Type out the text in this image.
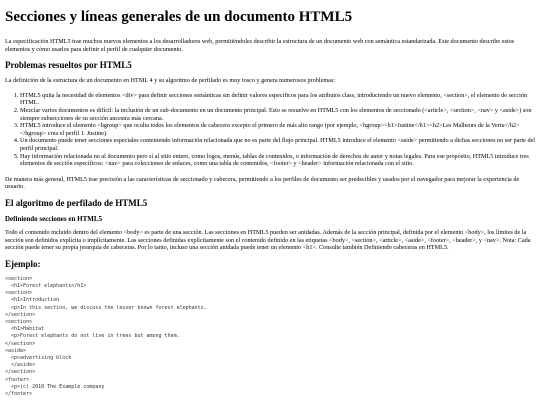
Secciones y líneas generales de un documento HTML5

La especificación HTML5 trae muchos nuevos elementos a los desarrolladores web, permitiéndoles describir la estructura de un documento web con semántica estandarizada. Este documento describe estos elementos y cómo usarlos para definir el perfil de cualquier documento.

Problemas resueltos por HTML5

La definición de la estructura de un documento en HTML 4 y su algoritmo de perfilado es muy tosco y genera numerosos problemas:

1. HTML5 quita la necesidad de elementos <div> para definir secciones semánticas sin definir valores específicos para los atributos class, introduciendo un nuevo elemento, <section>, el elemento de sección HTML.
2. Mezclar varios documentos es difícil: la inclusión de un sub-documento en un documento principal. Esto se resuelve en HTML5 con los elementos de seccionado (<article>, <section>, <nav> y <aside>) son siempre subsecciones de su sección ancestra más cercana.
3. HTML5 introduce el elemento <hgroup> que oculta todos los elementos de cabecera excepto el primero de más alto rango (por ejemplo, <hgroup><h1>Justine</h1><h2>Les Malheurs de la Vertu</h2></hgroup> crea el perfil 1. Justine).
4. Un documento puede tener secciones especiales conteniendo información relacionada que no es parte del flujo principal. HTML5 introduce el elemento <aside> permitiendo a dichas secciones no ser parte del perfil principal.
5. Hay información relacionada no al documento pero sí al sitio entero, como logos, menús, tablas de contenidos, o información de derechos de autor y notas legales. Para ese propósito, HTML5 introduce tres elementos de sección específicos: <nav> para colecciones de enlaces, como una tabla de contenidos, <footer> y <header> información relacionada con el sitio.

De manera más general, HTML5 trae precisión a las características de seccionado y cabecera, permitiendo a los perfiles de documento ser predecibles y usados por el navegador para mejorar la experiencia de usuario.

El algoritmo de perfilado de HTML5
Definiendo secciones en HTML5

Todo el contenido incluido dentro del elemento <body> es parte de una sección. Las secciones en HTML5 pueden ser anidadas. Además de la sección principal, definida por el elemento <body>, los límites de la sección son definidos explícita o implícitamente. Las secciones definidas explícitamente son el contenido definido en las etiquetas <body>, <section>, <article>, <aside>, <footer>, <header>, y <nav>. Nota: Cada sección puede tener su propia jerarquía de cabeceras. Por lo tanto, incluso una sección anidada puede tener un elemento <h1>. Consulte también Definiendo cabeceras en HTML5.

Ejemplo:
<section>
<h1>Forest elephants</h1>
<section>
<h1>Introduction
<p>In this section, we discuss the lesser known forest elephants.
</section>
<section>
<h1>Habitat
<p>Forest elephants do not live in trees but among them.
</section>
<aside>
<p>advertising block
</aside>
</section>
<footer>
<p>(c) 2010 The Example company
</footer>
